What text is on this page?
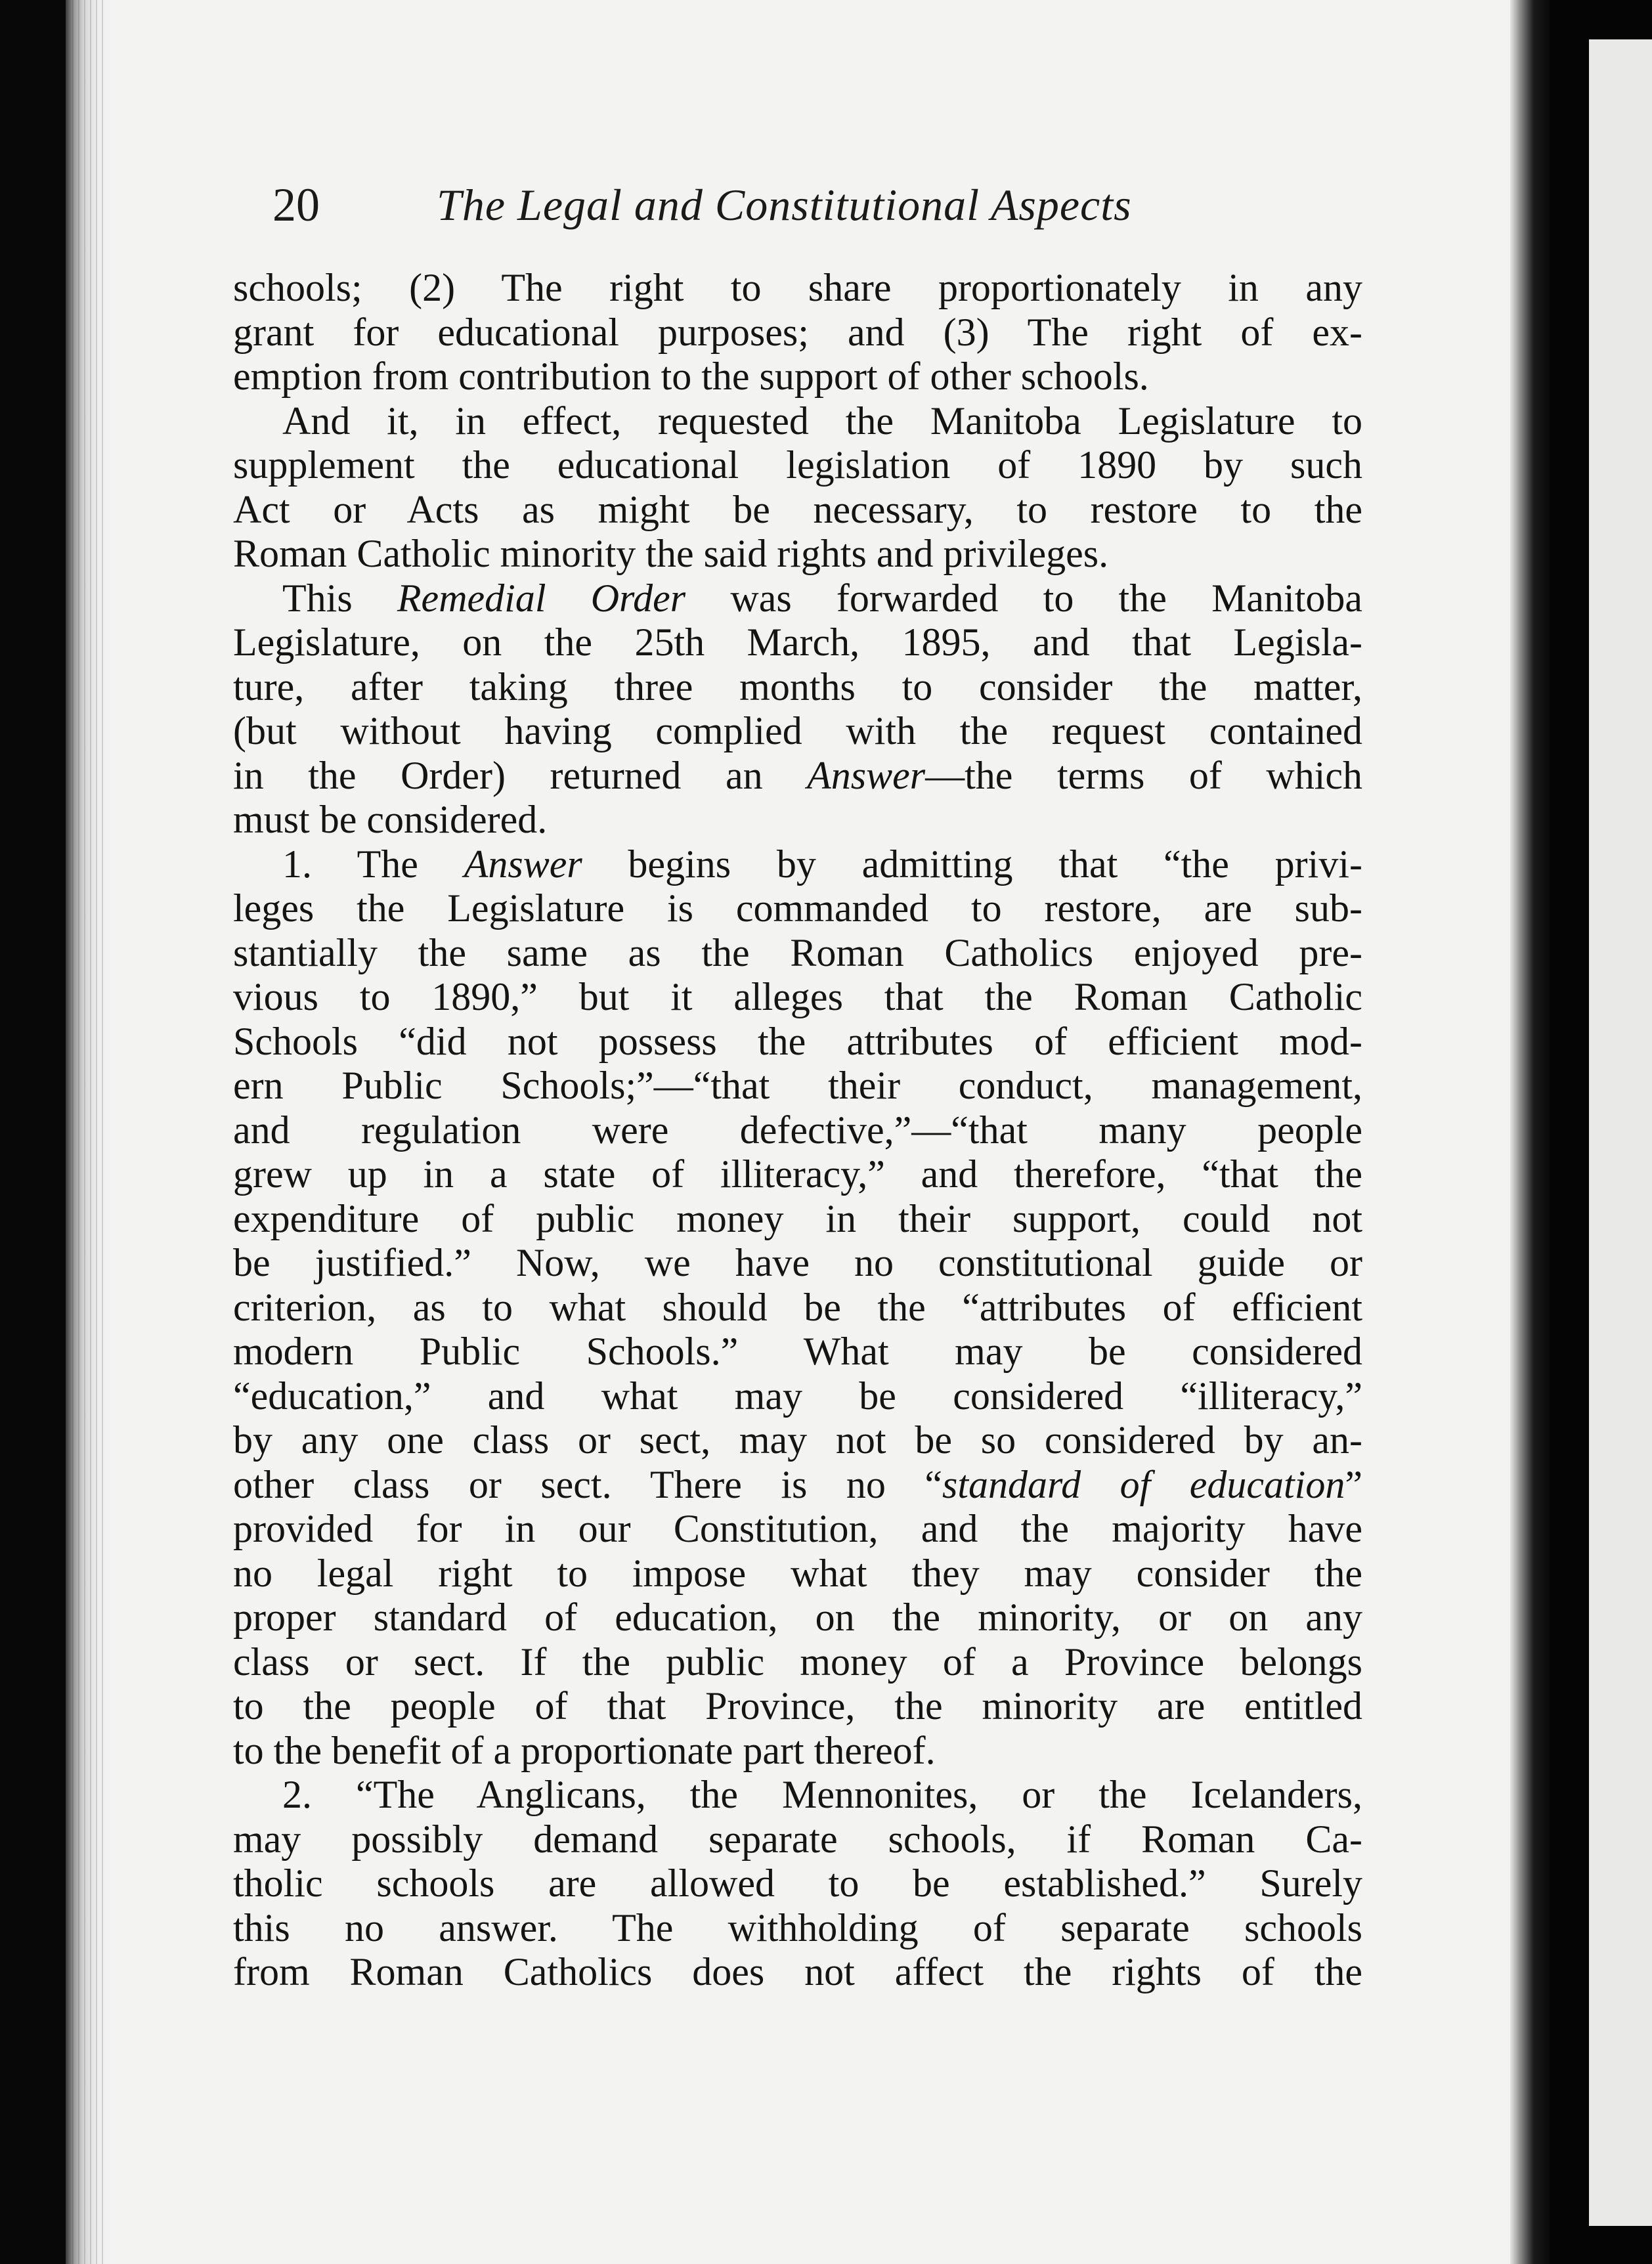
20	The Legal and Constitutional Aspects
schools; (2) The right to share proportionately in any
grant for educational purposes; and (3) The right of ex-
emption from contribution to the support of other schools.
And it, in effect, requested the Manitoba Legislature to
supplement the educational legislation of 1890 by such
Act or Acts as might be necessary, to restore to the
Roman Catholic minority the said rights and privileges.
This Remedial Order was forwarded to the Manitoba
Legislature, on the 25th March, 1895, and that Legisla-
ture, after taking three months to consider the matter,
(but without having complied with the request contained
in the Order) returned an Answer—the terms of which
must be considered.
1. The Answer begins by admitting that “the privi-
leges the Legislature is commanded to restore, are sub-
stantially the same as the Roman Catholics enjoyed pre-
vious to 1890,” but it alleges that the Roman Catholic
Schools “did not possess the attributes of efficient mod-
ern Public Schools;”—“that their conduct, management,
and regulation were defective,”—“that many people
grew up in a state of illiteracy,” and therefore, “that the
expenditure of public money in their support, could not
be justified.” Now, we have no constitutional guide or
criterion, as to what should be the “attributes of efficient
modern Public Schools.” What may be considered
“education,” and what may be considered “illiteracy,”
by any one class or sect, may not be so considered by an-
other class or sect. There is no “standard of education”
provided for in our Constitution, and the majority have
no legal right to impose what they may consider the
proper standard of education, on the minority, or on any
class or sect. If the public money of a Province belongs
to the people of that Province, the minority are entitled
to the benefit of a proportionate part thereof.
2. “The Anglicans, the Mennonites, or the Icelanders,
may possibly demand separate schools, if Roman Ca-
tholic schools are allowed to be established.” Surely
this no answer. The withholding of separate schools
from Roman Catholics does not affect the rights of the
